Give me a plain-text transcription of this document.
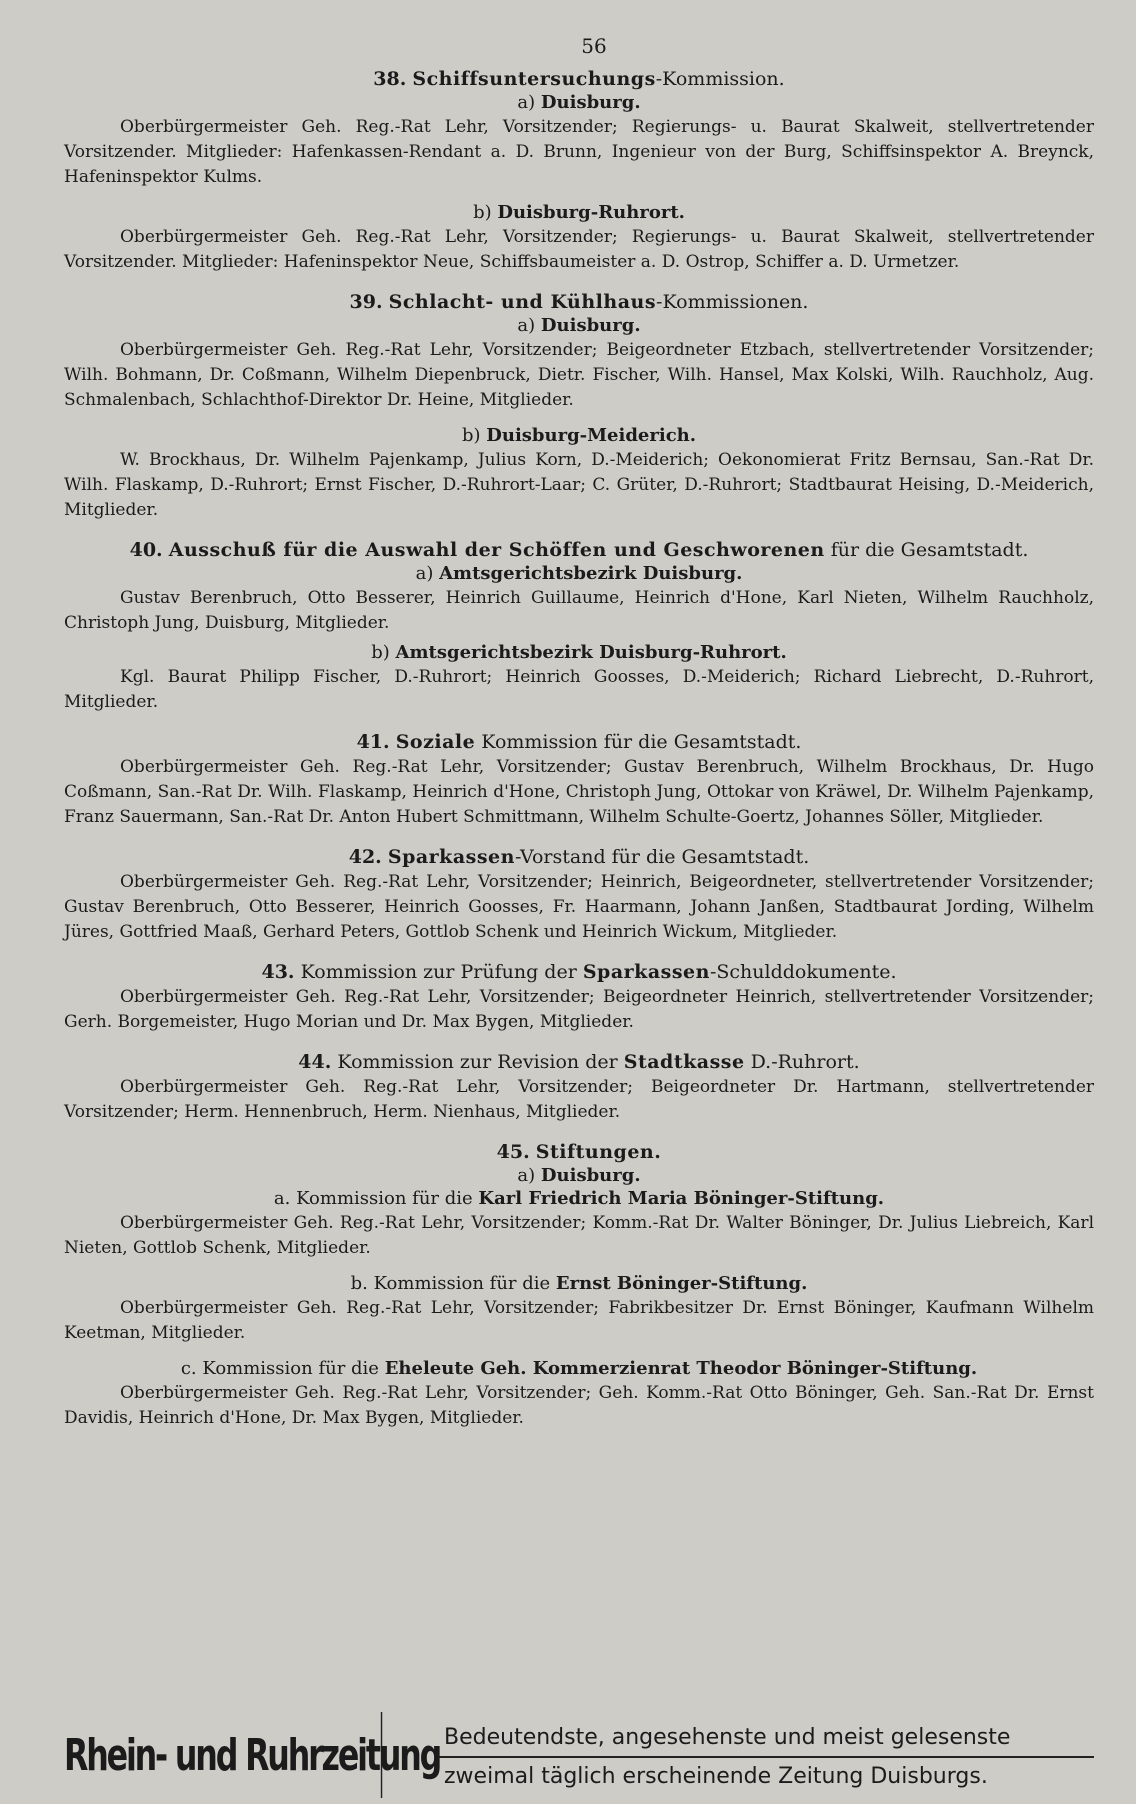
56
38. Schiffsuntersuchungs-Kommission.
a) Duisburg.

Oberbürgermeister Geh. Reg.-Rat Lehr, Vorsitzender; Regierungs- u. Baurat Skalweit, stellvertretender Vorsitzender. Mitglieder: Hafenkassen-Rendant a. D. Brunn, Ingenieur von der Burg, Schiffsinspektor A. Breynck, Hafeninspektor Kulms.

b) Duisburg-Ruhrort.

Oberbürgermeister Geh. Reg.-Rat Lehr, Vorsitzender; Regierungs- u. Baurat Skalweit, stellvertretender Vorsitzender. Mitglieder: Hafeninspektor Neue, Schiffsbaumeister a. D. Ostrop, Schiffer a. D. Urmetzer.

39. Schlacht- und Kühlhaus-Kommissionen.
a) Duisburg.

Oberbürgermeister Geh. Reg.-Rat Lehr, Vorsitzender; Beigeordneter Etzbach, stellvertretender Vorsitzender; Wilh. Bohmann, Dr. Coßmann, Wilhelm Diepenbruck, Dietr. Fischer, Wilh. Hansel, Max Kolski, Wilh. Rauchholz, Aug. Schmalenbach, Schlachthof-Direktor Dr. Heine, Mitglieder.

b) Duisburg-Meiderich.

W. Brockhaus, Dr. Wilhelm Pajenkamp, Julius Korn, D.-Meiderich; Oekonomierat Fritz Bernsau, San.-Rat Dr. Wilh. Flaskamp, D.-Ruhrort; Ernst Fischer, D.-Ruhrort-Laar; C. Grüter, D.-Ruhrort; Stadtbaurat Heising, D.-Meiderich, Mitglieder.

40. Ausschuß für die Auswahl der Schöffen und Geschworenen für die Gesamtstadt.
a) Amtsgerichtsbezirk Duisburg.

Gustav Berenbruch, Otto Besserer, Heinrich Guillaume, Heinrich d'Hone, Karl Nieten, Wilhelm Rauchholz, Christoph Jung, Duisburg, Mitglieder.

b) Amtsgerichtsbezirk Duisburg-Ruhrort.

Kgl. Baurat Philipp Fischer, D.-Ruhrort; Heinrich Goosses, D.-Meiderich; Richard Liebrecht, D.-Ruhrort, Mitglieder.

41. Soziale Kommission für die Gesamtstadt.

Oberbürgermeister Geh. Reg.-Rat Lehr, Vorsitzender; Gustav Berenbruch, Wilhelm Brockhaus, Dr. Hugo Coßmann, San.-Rat Dr. Wilh. Flaskamp, Heinrich d'Hone, Christoph Jung, Ottokar von Kräwel, Dr. Wilhelm Pajenkamp, Franz Sauermann, San.-Rat Dr. Anton Hubert Schmittmann, Wilhelm Schulte-Goertz, Johannes Söller, Mitglieder.

42. Sparkassen-Vorstand für die Gesamtstadt.

Oberbürgermeister Geh. Reg.-Rat Lehr, Vorsitzender; Heinrich, Beigeordneter, stellvertretender Vorsitzender; Gustav Berenbruch, Otto Besserer, Heinrich Goosses, Fr. Haarmann, Johann Janßen, Stadtbaurat Jording, Wilhelm Jüres, Gottfried Maaß, Gerhard Peters, Gottlob Schenk und Heinrich Wickum, Mitglieder.

43. Kommission zur Prüfung der Sparkassen-Schulddokumente.

Oberbürgermeister Geh. Reg.-Rat Lehr, Vorsitzender; Beigeordneter Heinrich, stellvertretender Vorsitzender; Gerh. Borgemeister, Hugo Morian und Dr. Max Bygen, Mitglieder.

44. Kommission zur Revision der Stadtkasse D.-Ruhrort.

Oberbürgermeister Geh. Reg.-Rat Lehr, Vorsitzender; Beigeordneter Dr. Hartmann, stellvertretender Vorsitzender; Herm. Hennenbruch, Herm. Nienhaus, Mitglieder.

45. Stiftungen.
a) Duisburg.
a. Kommission für die Karl Friedrich Maria Böninger-Stiftung.

Oberbürgermeister Geh. Reg.-Rat Lehr, Vorsitzender; Komm.-Rat Dr. Walter Böninger, Dr. Julius Liebreich, Karl Nieten, Gottlob Schenk, Mitglieder.

b. Kommission für die Ernst Böninger-Stiftung.

Oberbürgermeister Geh. Reg.-Rat Lehr, Vorsitzender; Fabrikbesitzer Dr. Ernst Böninger, Kaufmann Wilhelm Keetman, Mitglieder.

c. Kommission für die Eheleute Geh. Kommerzienrat Theodor Böninger-Stiftung.

Oberbürgermeister Geh. Reg.-Rat Lehr, Vorsitzender; Geh. Komm.-Rat Otto Böninger, Geh. San.-Rat Dr. Ernst Davidis, Heinrich d'Hone, Dr. Max Bygen, Mitglieder.

Rhein- und Ruhrzeitung Bedeutendste, angesehenste und meist gelesenste
zweimal täglich erscheinende Zeitung Duisburgs.
